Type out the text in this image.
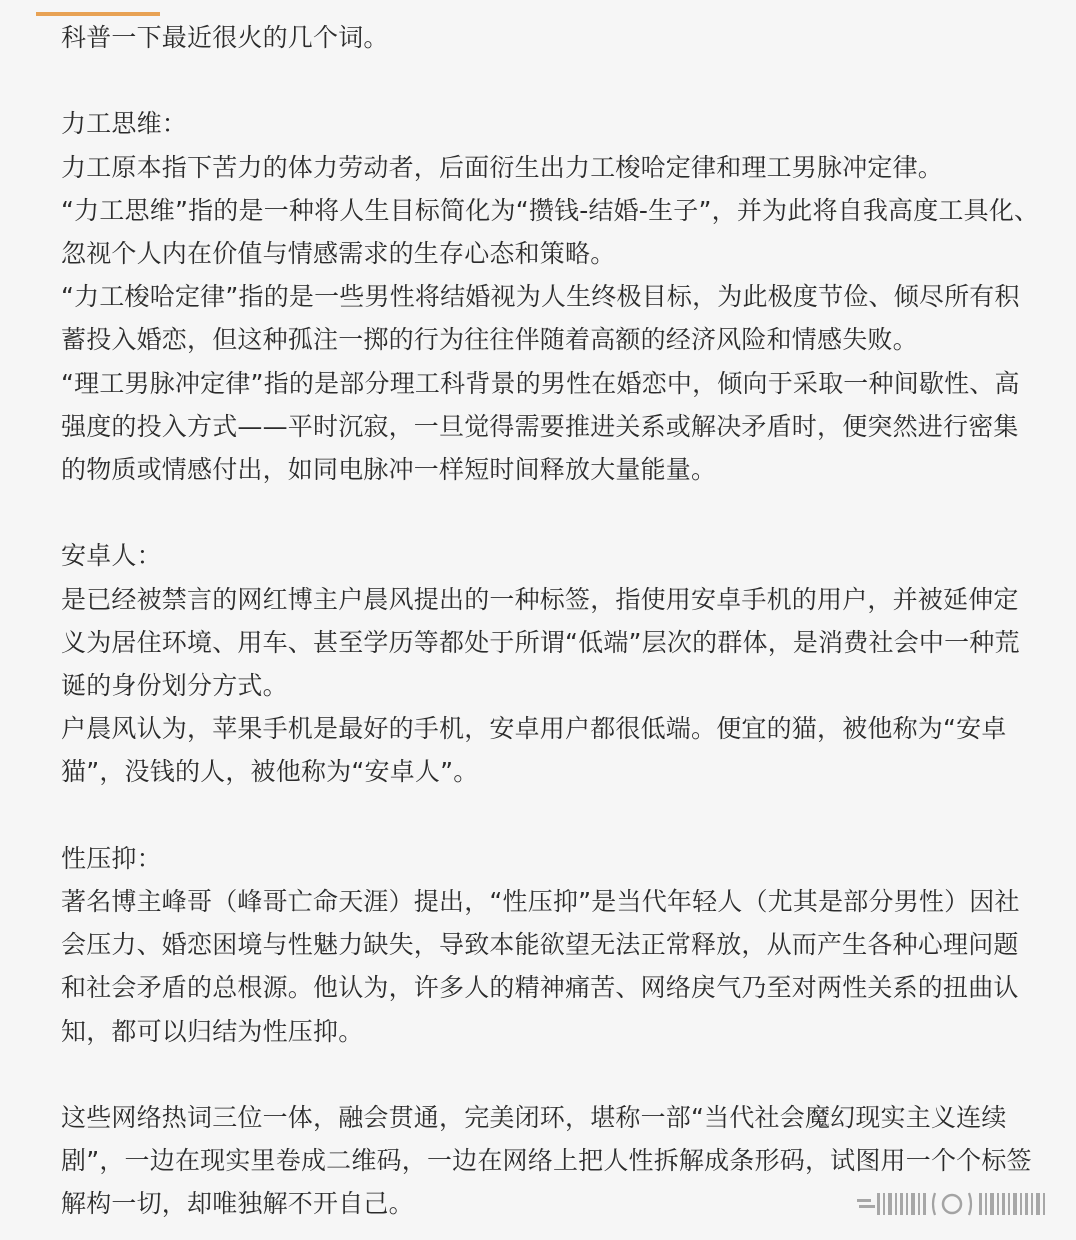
科普一下最近很火的几个词。

力工思维：

力工原本指下苦力的体力劳动者，后面衍生出力工梭哈定律和理工男脉冲定律。

“力工思维”指的是一种将人生目标简化为“攒钱-结婚-生子”，并为此将自我高度工具化、忽视个人内在价值与情感需求的生存心态和策略。

“力工梭哈定律”指的是一些男性将结婚视为人生终极目标，为此极度节俭、倾尽所有积蓄投入婚恋，但这种孤注一掷的行为往往伴随着高额的经济风险和情感失败。

“理工男脉冲定律”指的是部分理工科背景的男性在婚恋中，倾向于采取一种间歇性、高强度的投入方式——平时沉寂，一旦觉得需要推进关系或解决矛盾时，便突然进行密集的物质或情感付出，如同电脉冲一样短时间释放大量能量。

安卓人：

是已经被禁言的网红博主户晨风提出的一种标签，指使用安卓手机的用户，并被延伸定义为居住环境、用车、甚至学历等都处于所谓“低端”层次的群体，是消费社会中一种荒诞的身份划分方式。

户晨风认为，苹果手机是最好的手机，安卓用户都很低端。便宜的猫，被他称为“安卓猫”，没钱的人，被他称为“安卓人”。

性压抑：

著名博主峰哥（峰哥亡命天涯）提出，“性压抑”是当代年轻人（尤其是部分男性）因社会压力、婚恋困境与性魅力缺失，导致本能欲望无法正常释放，从而产生各种心理问题和社会矛盾的总根源。他认为，许多人的精神痛苦、网络戾气乃至对两性关系的扭曲认知，都可以归结为性压抑。

这些网络热词三位一体，融会贯通，完美闭环，堪称一部“当代社会魔幻现实主义连续剧”，一边在现实里卷成二维码，一边在网络上把人性拆解成条形码，试图用一个个标签解构一切，却唯独解不开自己。
